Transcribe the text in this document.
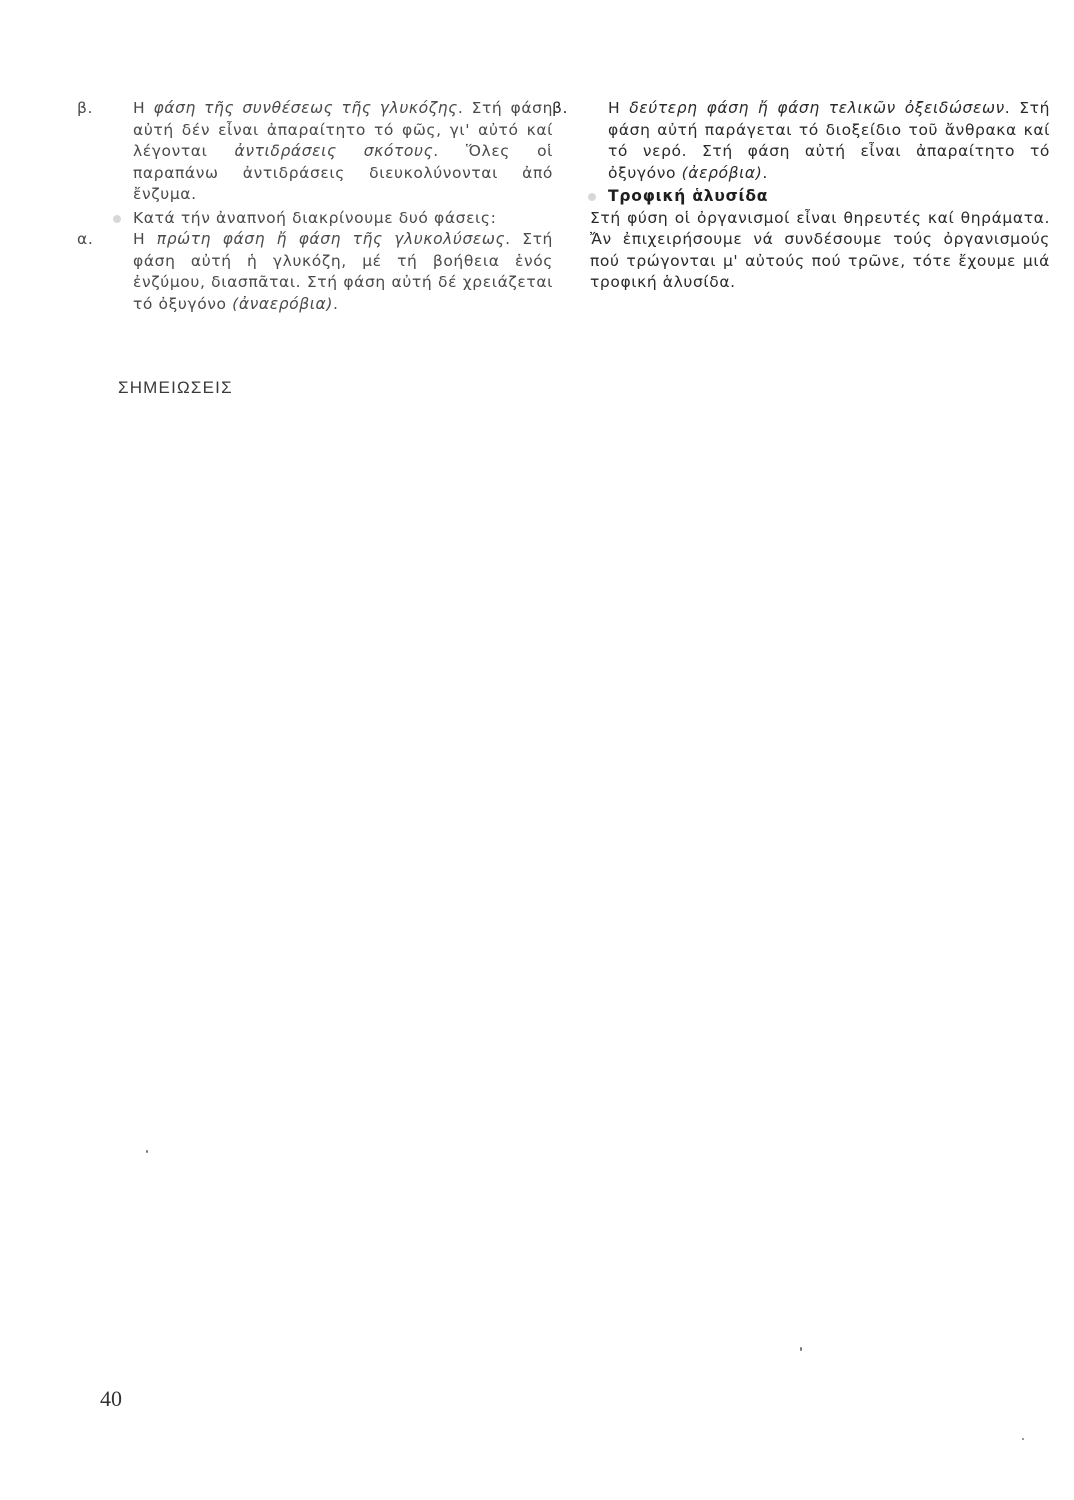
β.	Η φάση τῆς συνθέσεως τῆς γλυκόζης. Στή φάση αὐτή δέν εἶναι ἀπαραίτητο τό φῶς, γι' αὐτό καί λέγονται ἀντιδράσεις σκότους. Ὅλες οἱ παραπάνω ἀντιδράσεις διευκολύνονται ἀπό ἔνζυμα.

Κατά τήν ἀναπνοή διακρίνουμε δυό φάσεις:

α.	Η πρώτη φάση ἤ φάση τῆς γλυκολύσεως. Στή φάση αὐτή ἡ γλυκόζη, μέ τή βοήθεια ἑνός ἐνζύμου, διασπᾶται. Στή φάση αὐτή δέ χρειάζεται τό ὀξυγόνο (ἀναερόβια).

β.	Η δεύτερη φάση ἤ φάση τελικῶν ὀξειδώσεων. Στή φάση αὐτή παράγεται τό διοξείδιο τοῦ ἄνθρακα καί τό νερό. Στή φάση αὐτή εἶναι ἀπαραίτητο τό ὀξυγόνο (ἀερόβια).

Τροφική ἁλυσίδα

Στή φύση οἱ ὀργανισμοί εἶναι θηρευτές καί θηράματα. Ἄν ἐπιχειρήσουμε νά συνδέσουμε τούς ὀργανισμούς πού τρώγονται μ' αὐτούς πού τρῶνε, τότε ἔχουμε μιά τροφική ἁλυσίδα.

ΣΗΜΕΙΩΣΕΙΣ
40
